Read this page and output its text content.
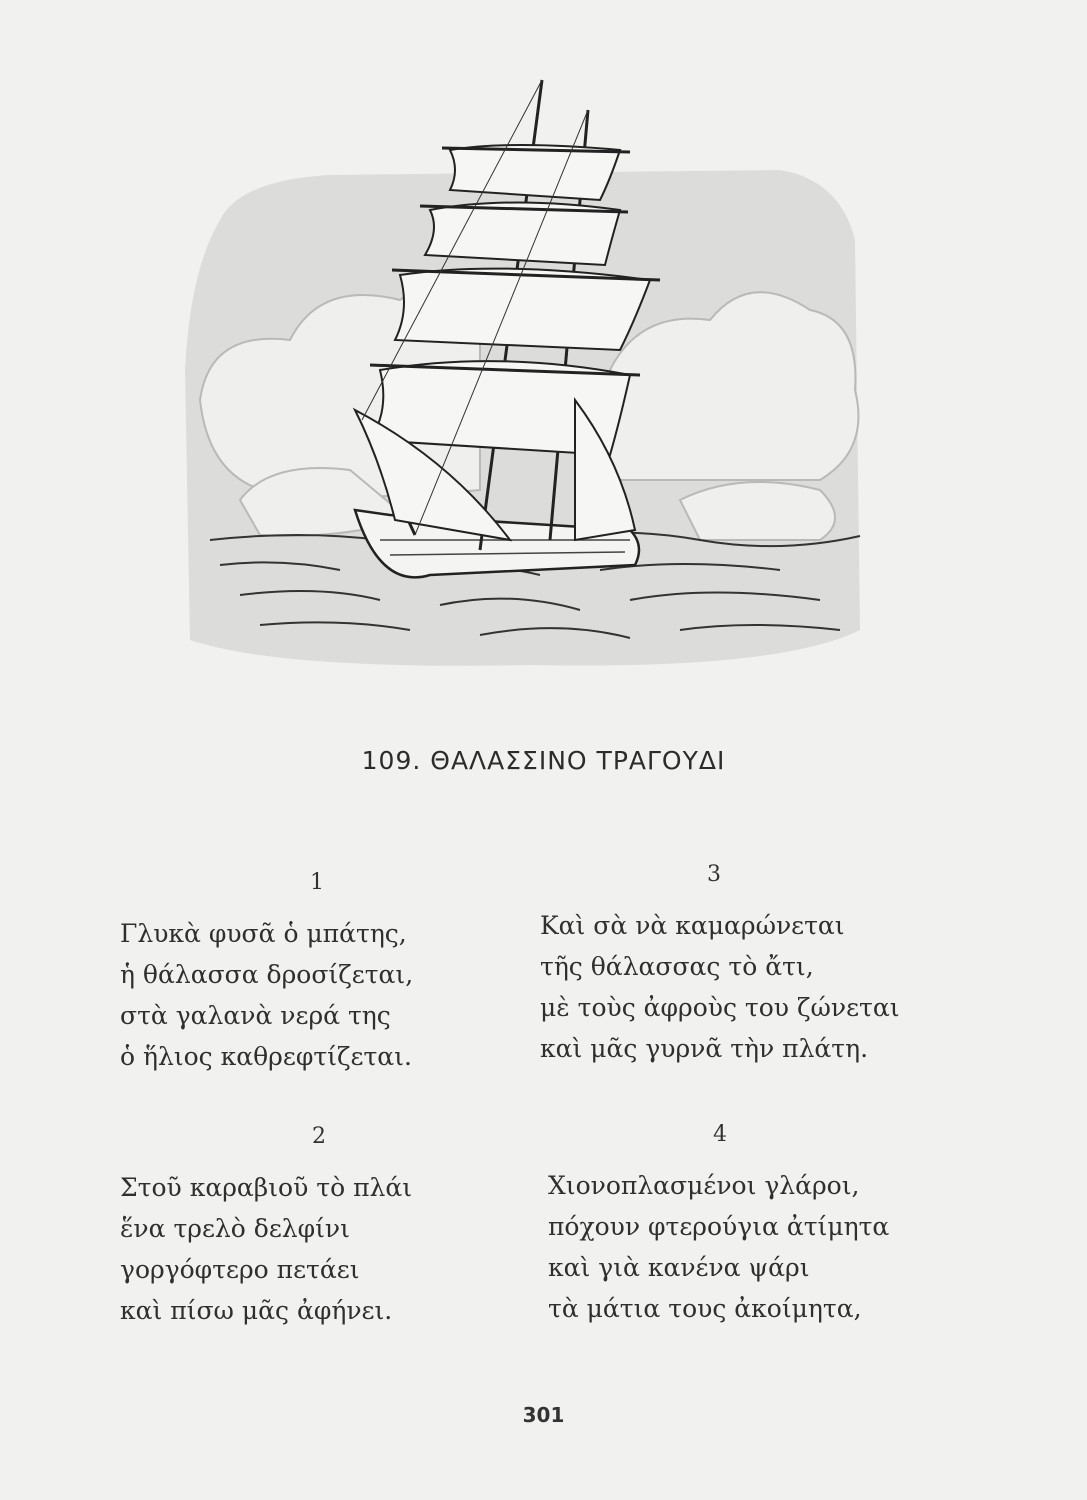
109. ΘΑΛΑΣΣΙΝΟ ΤΡΑΓΟΥΔΙ
1
Γλυκὰ φυσᾶ ὁ μπάτης,
ἡ θάλασσα δροσίζεται,
στὰ γαλανὰ νερά της
ὁ ἥλιος καθρεφτίζεται.
2
Στοῦ καραβιοῦ τὸ πλάι
ἕνα τρελὸ δελφίνι
γοργόφτερο πετάει
καὶ πίσω μᾶς ἀφήνει.
3
Καὶ σὰ νὰ καμαρώνεται
τῆς θάλασσας τὸ ἄτι,
μὲ τοὺς ἀφροὺς του ζώνεται
καὶ μᾶς γυρνᾶ τὴν πλάτη.
4
Χιονοπλασμένοι γλάροι,
πόχουν φτερούγια ἀτίμητα
καὶ γιὰ κανένα ψάρι
τὰ μάτια τους ἀκοίμητα,
301
